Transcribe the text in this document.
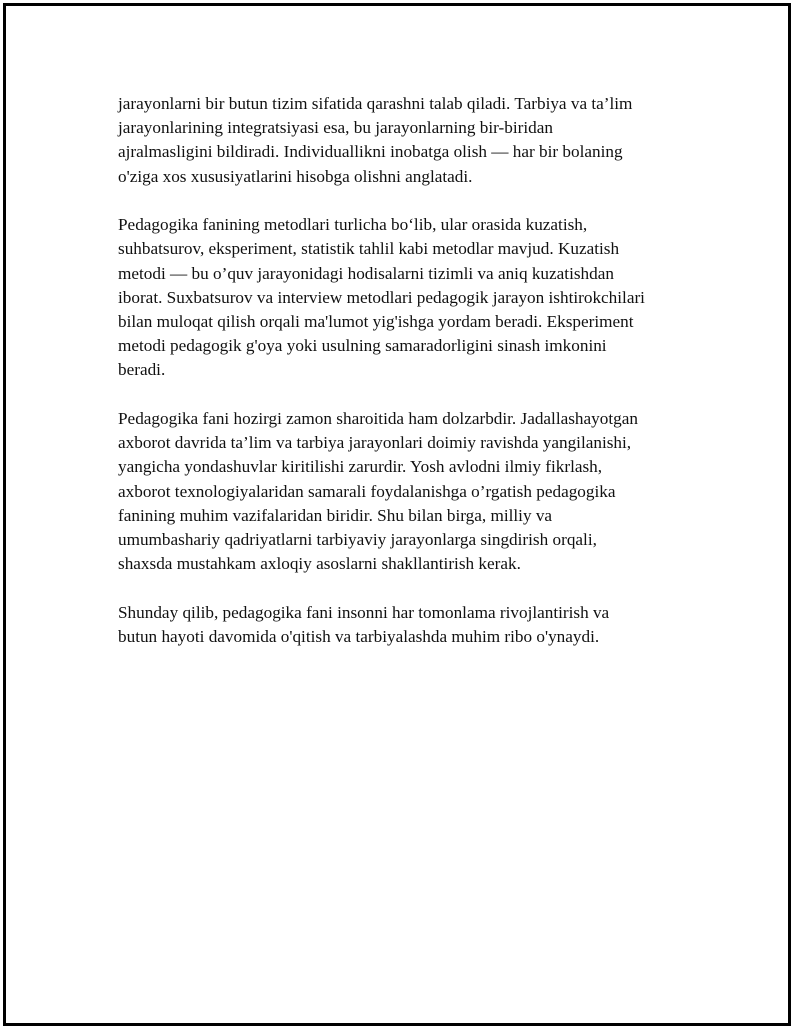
jarayonlarni bir butun tizim sifatida qarashni talab qiladi. Tarbiya va ta’lim
jarayonlarining integratsiyasi esa, bu jarayonlarning bir-biridan
ajralmasligini bildiradi. Individuallikni inobatga olish — har bir bolaning
o'ziga xos xususiyatlarini hisobga olishni anglatadi.

Pedagogika fanining metodlari turlicha bo‘lib, ular orasida kuzatish,
suhbatsurov, eksperiment, statistik tahlil kabi metodlar mavjud. Kuzatish
metodi — bu o’quv jarayonidagi hodisalarni tizimli va aniq kuzatishdan
iborat. Suxbatsurov va interview metodlari pedagogik jarayon ishtirokchilari
bilan muloqat qilish orqali ma'lumot yig'ishga yordam beradi. Eksperiment
metodi pedagogik g'oya yoki usulning samaradorligini sinash imkonini
beradi.

Pedagogika fani hozirgi zamon sharoitida ham dolzarbdir. Jadallashayotgan
axborot davrida ta’lim va tarbiya jarayonlari doimiy ravishda yangilanishi,
yangicha yondashuvlar kiritilishi zarurdir. Yosh avlodni ilmiy fikrlash,
axborot texnologiyalaridan samarali foydalanishga o’rgatish pedagogika
fanining muhim vazifalaridan biridir. Shu bilan birga, milliy va
umumbashariy qadriyatlarni tarbiyaviy jarayonlarga singdirish orqali,
shaxsda mustahkam axloqiy asoslarni shakllantirish kerak.

Shunday qilib, pedagogika fani insonni har tomonlama rivojlantirish va
butun hayoti davomida o'qitish va tarbiyalashda muhim ribo o'ynaydi.
